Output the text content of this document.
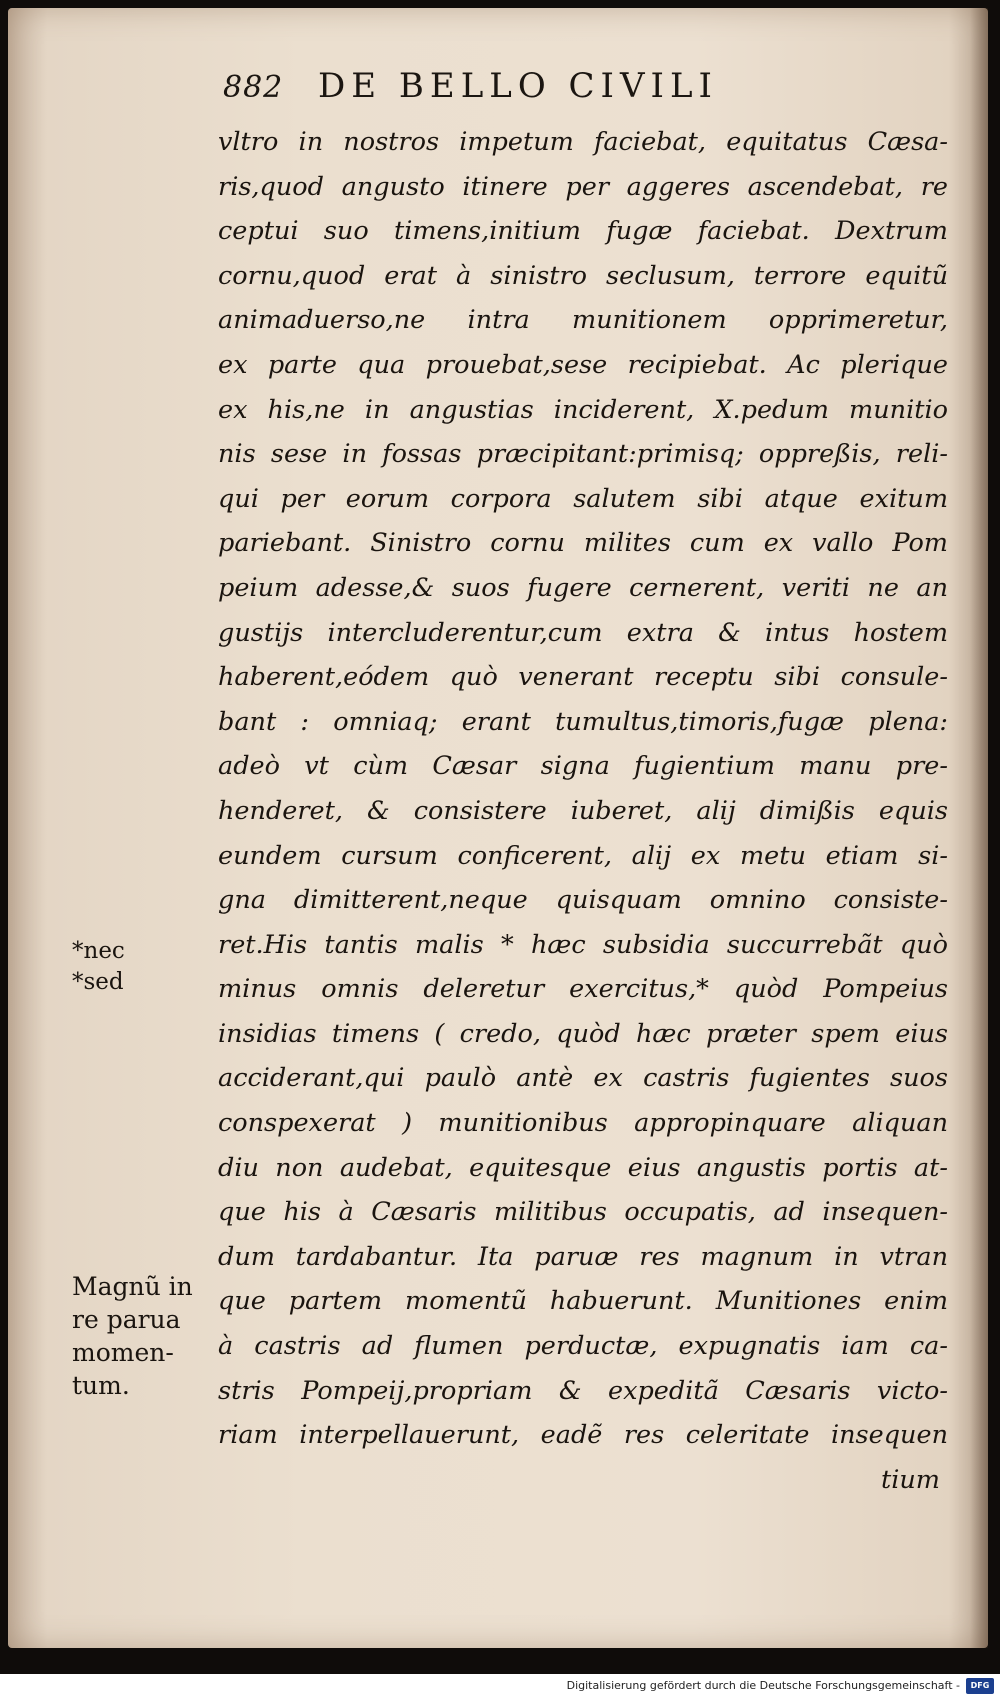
882 DE BELLO CIVILI
vltro in nostros impetum faciebat, equitatus Cæsa-
ris,quod angusto itinere per aggeres ascendebat, re
ceptui suo timens,initium fugæ faciebat. Dextrum
cornu,quod erat à sinistro seclusum, terrore equitũ
animaduerso,ne intra munitionem opprimeretur,
ex parte qua prouebat,sese recipiebat. Ac plerique
ex his,ne in angustias inciderent, X.pedum munitio
nis sese in fossas præcipitant:primisq; oppreßis, reli-
qui per eorum corpora salutem sibi atque exitum
pariebant. Sinistro cornu milites cum ex vallo Pom
peium adesse,& suos fugere cernerent, veriti ne an
gustijs intercluderentur,cum extra & intus hostem
haberent,eódem quò venerant receptu sibi consule-
bant : omniaq; erant tumultus,timoris,fugæ plena:
adeò vt cùm Cæsar signa fugientium manu pre-
henderet, & consistere iuberet, alij dimißis equis
eundem cursum conficerent, alij ex metu etiam si-
gna dimitterent,neque quisquam omnino consiste-
ret.His tantis malis * hæc subsidia succurrebãt quò
minus omnis deleretur exercitus,* quòd Pompeius
insidias timens ( credo, quòd hæc præter spem eius
acciderant,qui paulò antè ex castris fugientes suos
conspexerat ) munitionibus appropinquare aliquan
diu non audebat, equitesque eius angustis portis at-
que his à Cæsaris militibus occupatis, ad insequen-
dum tardabantur. Ita paruæ res magnum in vtran
que partem momentũ habuerunt. Munitiones enim
à castris ad flumen perductæ, expugnatis iam ca-
stris Pompeij,propriam & expeditã Cæsaris victo-
riam interpellauerunt, eadẽ res celeritate insequen
tium
*nec
*sed
Magnũ in
re parua
momen-
tum.
Digitalisierung gefördert durch die Deutsche Forschungsgemeinschaft -	DFG
